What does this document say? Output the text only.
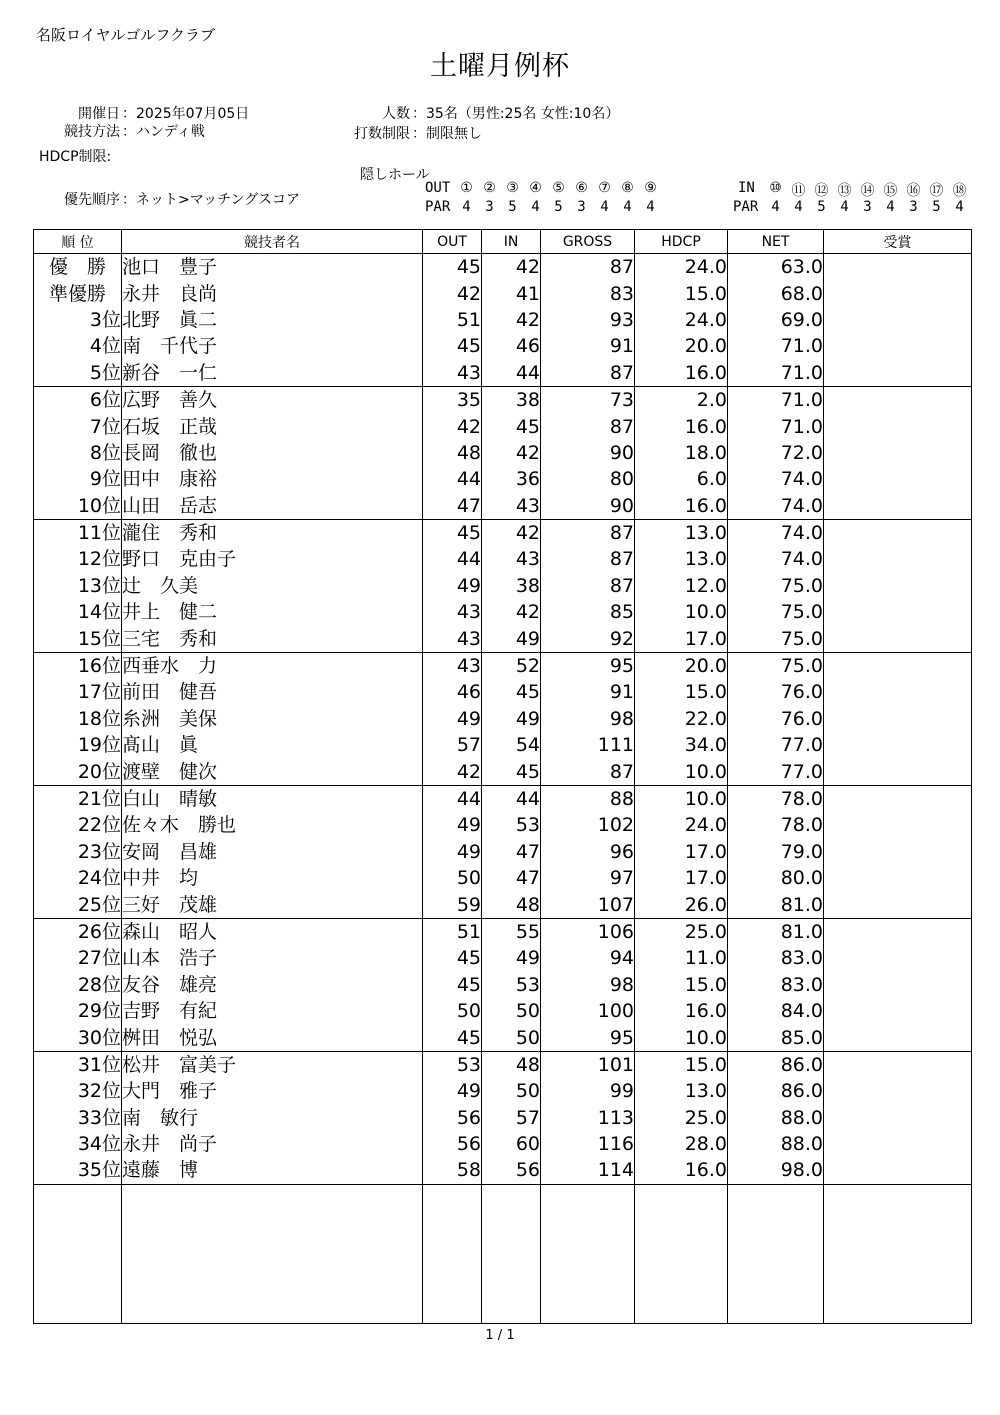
名阪ロイヤルゴルフクラブ
土曜月例杯
開催日 ：2025年07月05日
競技方法 ：ハンディ戦
HDCP制限:
人数 ：35名（男性:25名 女性:10名）
打数制限 ：制限無し
隠しホール
優先順序 ：ネット>マッチングスコア
OUT ① ② ③ ④ ⑤ ⑥ ⑦ ⑧ ⑨
PAR 4	3	5	4	5	3	4	4	4
IN	⑩ ⑪ ⑫ ⑬ ⑭ ⑮ ⑯ ⑰ ⑱
PAR 4	4	5	4	3	4	3	5	4
順 位	競技者名	OUT	IN	GROSS	HDCP	NET	受賞
優　勝	池口　豊子	45	42	87	24.0	63.0	
準優勝	永井　良尚	42	41	83	15.0	68.0	
3位	北野　眞二	51	42	93	24.0	69.0	
4位	南　千代子	45	46	91	20.0	71.0	
5位	新谷　一仁	43	44	87	16.0	71.0	
6位	広野　善久	35	38	73	2.0	71.0	
7位	石坂　正哉	42	45	87	16.0	71.0	
8位	長岡　徹也	48	42	90	18.0	72.0	
9位	田中　康裕	44	36	80	6.0	74.0	
10位	山田　岳志	47	43	90	16.0	74.0	
11位	瀧住　秀和	45	42	87	13.0	74.0	
12位	野口　克由子	44	43	87	13.0	74.0	
13位	辻　久美	49	38	87	12.0	75.0	
14位	井上　健二	43	42	85	10.0	75.0	
15位	三宅　秀和	43	49	92	17.0	75.0	
16位	西垂水　力	43	52	95	20.0	75.0	
17位	前田　健吾	46	45	91	15.0	76.0	
18位	糸洲　美保	49	49	98	22.0	76.0	
19位	髙山　眞	57	54	111	34.0	77.0	
20位	渡壁　健次	42	45	87	10.0	77.0	
21位	白山　晴敏	44	44	88	10.0	78.0	
22位	佐々木　勝也	49	53	102	24.0	78.0	
23位	安岡　昌雄	49	47	96	17.0	79.0	
24位	中井　均	50	47	97	17.0	80.0	
25位	三好　茂雄	59	48	107	26.0	81.0	
26位	森山　昭人	51	55	106	25.0	81.0	
27位	山本　浩子	45	49	94	11.0	83.0	
28位	友谷　雄亮	45	53	98	15.0	83.0	
29位	吉野　有紀	50	50	100	16.0	84.0	
30位	桝田　悦弘	45	50	95	10.0	85.0	
31位	松井　富美子	53	48	101	15.0	86.0	
32位	大門　雅子	49	50	99	13.0	86.0	
33位	南　敏行	56	57	113	25.0	88.0	
34位	永井　尚子	56	60	116	28.0	88.0	
35位	遠藤　博	58	56	114	16.0	98.0	

1 / 1
